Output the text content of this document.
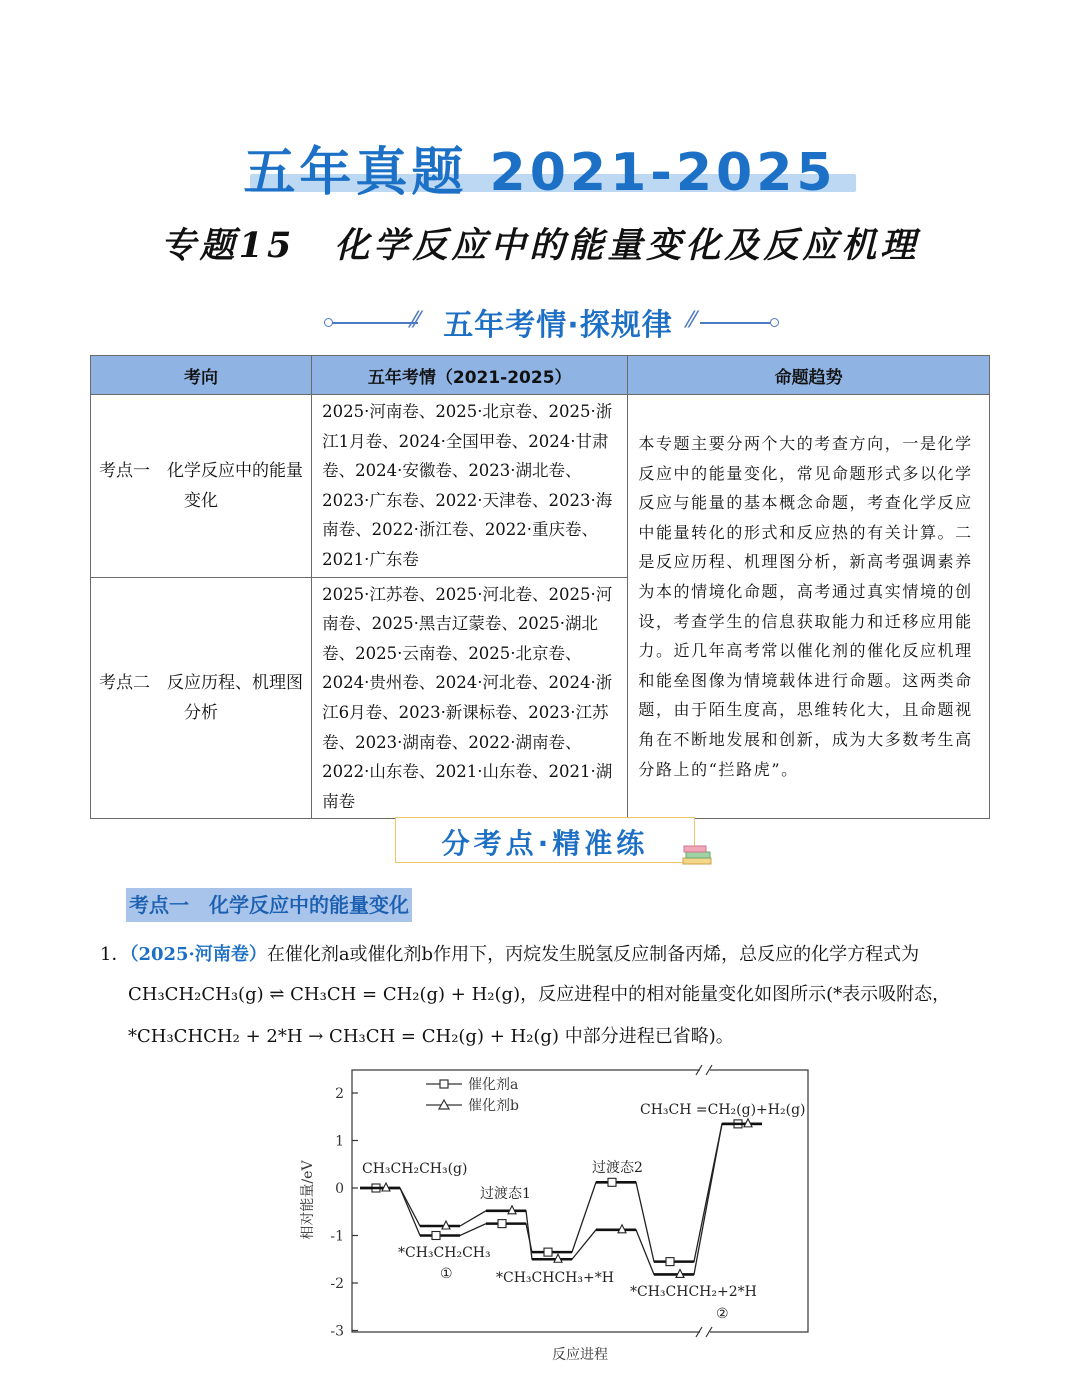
五年真题 2021-2025
专题15　化学反应中的能量变化及反应机理
⁄⁄ 五年考情·探规律 ⁄⁄
考向	五年考情（2021-2025）	命题趋势
考点一　化学反应中的能量变化	2025·河南卷、2025·北京卷、2025·浙江1月卷、2024·全国甲卷、2024·甘肃卷、2024·安徽卷、2023·湖北卷、2023·广东卷、2022·天津卷、2023·海南卷、2022·浙江卷、2022·重庆卷、2021·广东卷	本专题主要分两个大的考查方向，一是化学反应中的能量变化，常见命题形式多以化学反应与能量的基本概念命题，考查化学反应中能量转化的形式和反应热的有关计算。二是反应历程、机理图分析，新高考强调素养为本的情境化命题，高考通过真实情境的创设，考查学生的信息获取能力和迁移应用能力。近几年高考常以催化剂的催化反应机理和能垒图像为情境载体进行命题。这两类命题，由于陌生度高，思维转化大，且命题视角在不断地发展和创新，成为大多数考生高分路上的“拦路虎”。
考点二　反应历程、机理图分析	2025·江苏卷、2025·河北卷、2025·河南卷、2025·黑吉辽蒙卷、2025·湖北卷、2025·云南卷、2025·北京卷、2024·贵州卷、2024·河北卷、2024·浙江6月卷、2023·新课标卷、2023·江苏卷、2023·湖南卷、2022·湖南卷、2022·山东卷、2021·山东卷、2021·湖南卷	
分考点·精准练
考点一　化学反应中的能量变化
1．（2025·河南卷）在催化剂a或催化剂b作用下，丙烷发生脱氢反应制备丙烯，总反应的化学方程式为
CH₃CH₂CH₃(g) ⇌ CH₃CH = CH₂(g) + H₂(g)，反应进程中的相对能量变化如图所示(*表示吸附态，
*CH₃CHCH₂ + 2*H → CH₃CH = CH₂(g) + H₂(g) 中部分进程已省略)。
2
1
0
-1
-2
-3
催化剂a
催化剂b
CH₃CH₂CH₃(g)
*CH₃CH₂CH₃
①
过渡态1
*CH₃CHCH₃+*H
过渡态2
*CH₃CHCH₂+2*H
②
CH₃CH =CH₂(g)+H₂(g)
反应进程
相对能量/eV
